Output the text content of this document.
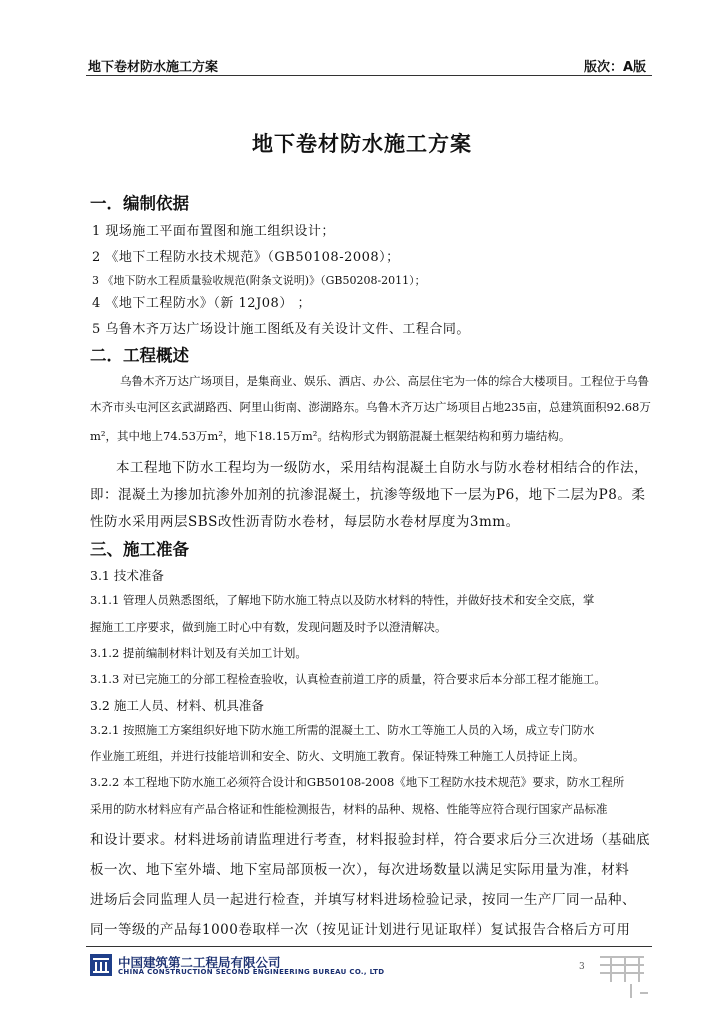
地下卷材防水施工方案	版次：A版
地下卷材防水施工方案
一．编制依据
1 现场施工平面布置图和施工组织设计；
2 《地下工程防水技术规范》（GB50108-2008）；
3 《地下防水工程质量验收规范(附条文说明)》（GB50208-2011）；
4 《地下工程防水》（新 12J08） ；
5 乌鲁木齐万达广场设计施工图纸及有关设计文件、工程合同。
二．工程概述
乌鲁木齐万达广场项目，是集商业、娱乐、酒店、办公、高层住宅为一体的综合大楼项目。工程位于乌鲁
木齐市头屯河区玄武湖路西、阿里山街南、澎湖路东。乌鲁木齐万达广场项目占地235亩，总建筑面积92.68万
m²，其中地上74.53万m²，地下18.15万m²。结构形式为钢筋混凝土框架结构和剪力墙结构。
本工程地下防水工程均为一级防水，采用结构混凝土自防水与防水卷材相结合的作法，
即：混凝土为掺加抗渗外加剂的抗渗混凝土，抗渗等级地下一层为P6，地下二层为P8。柔
性防水采用两层SBS改性沥青防水卷材，每层防水卷材厚度为3mm。
三、施工准备
3.1 技术准备
3.1.1 管理人员熟悉图纸，了解地下防水施工特点以及防水材料的特性，并做好技术和安全交底，掌
握施工工序要求，做到施工时心中有数，发现问题及时予以澄清解决。
3.1.2 提前编制材料计划及有关加工计划。
3.1.3 对已完施工的分部工程检查验收，认真检查前道工序的质量，符合要求后本分部工程才能施工。
3.2 施工人员、材料、机具准备
3.2.1 按照施工方案组织好地下防水施工所需的混凝土工、防水工等施工人员的入场，成立专门防水
作业施工班组，并进行技能培训和安全、防火、文明施工教育。保证特殊工种施工人员持证上岗。
3.2.2 本工程地下防水施工必须符合设计和GB50108-2008《地下工程防水技术规范》要求，防水工程所
采用的防水材料应有产品合格证和性能检测报告，材料的品种、规格、性能等应符合现行国家产品标准
和设计要求。材料进场前请监理进行考查，材料报验封样，符合要求后分三次进场（基础底
板一次、地下室外墙、地下室局部顶板一次），每次进场数量以满足实际用量为准，材料
进场后会同监理人员一起进行检查，并填写材料进场检验记录，按同一生产厂同一品种、
同一等级的产品每1000卷取样一次（按见证计划进行见证取样）复试报告合格后方可用
中国建筑第二工程局有限公司
CHINA CONSTRUCTION SECOND ENGINEERING BUREAU CO., LTD	3
